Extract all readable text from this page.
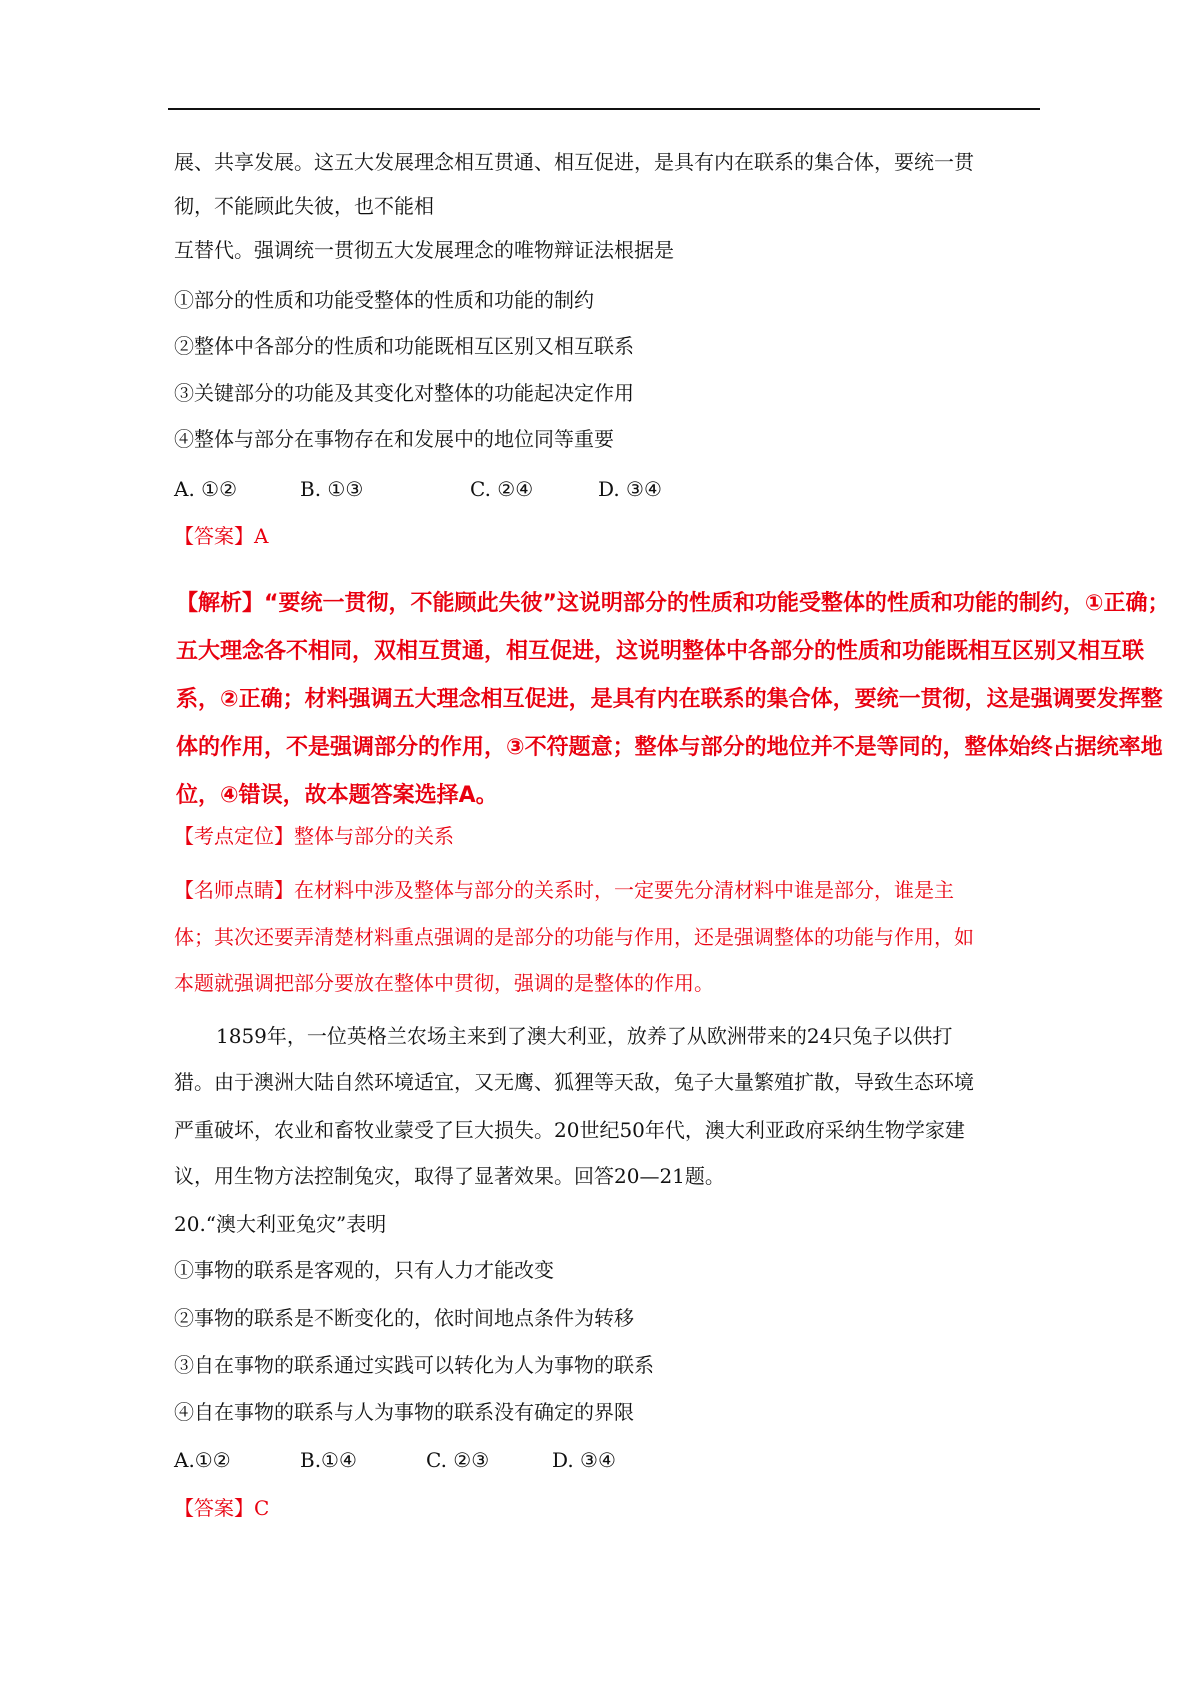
展、共享发展。这五大发展理念相互贯通、相互促进，是具有内在联系的集合体，要统一贯
彻，不能顾此失彼，也不能相
互替代。强调统一贯彻五大发展理念的唯物辩证法根据是
①部分的性质和功能受整体的性质和功能的制约
②整体中各部分的性质和功能既相互区别又相互联系
③关键部分的功能及其变化对整体的功能起决定作用
④整体与部分在事物存在和发展中的地位同等重要
A. ①②	B. ①③	C. ②④	D. ③④
【答案】A
【解析】“要统一贯彻，不能顾此失彼”这说明部分的性质和功能受整体的性质和功能的制约，①正确；五大理念各不相同，双相互贯通，相互促进，这说明整体中各部分的性质和功能既相互区别又相互联系，②正确；材料强调五大理念相互促进，是具有内在联系的集合体，要统一贯彻，这是强调要发挥整体的作用，不是强调部分的作用，③不符题意；整体与部分的地位并不是等同的，整体始终占据统率地位，④错误，故本题答案选择A。
【考点定位】整体与部分的关系
【名师点睛】在材料中涉及整体与部分的关系时，一定要先分清材料中谁是部分，谁是主
体；其次还要弄清楚材料重点强调的是部分的功能与作用，还是强调整体的功能与作用，如
本题就强调把部分要放在整体中贯彻，强调的是整体的作用。
1859年，一位英格兰农场主来到了澳大利亚，放养了从欧洲带来的24只兔子以供打
猎。由于澳洲大陆自然环境适宜，又无鹰、狐狸等天敌，兔子大量繁殖扩散，导致生态环境
严重破坏，农业和畜牧业蒙受了巨大损失。20世纪50年代，澳大利亚政府采纳生物学家建
议，用生物方法控制兔灾，取得了显著效果。回答20—21题。
20.“澳大利亚兔灾”表明
①事物的联系是客观的，只有人力才能改变
②事物的联系是不断变化的，依时间地点条件为转移
③自在事物的联系通过实践可以转化为人为事物的联系
④自在事物的联系与人为事物的联系没有确定的界限
A.①②	B.①④	C. ②③	D. ③④
【答案】C
